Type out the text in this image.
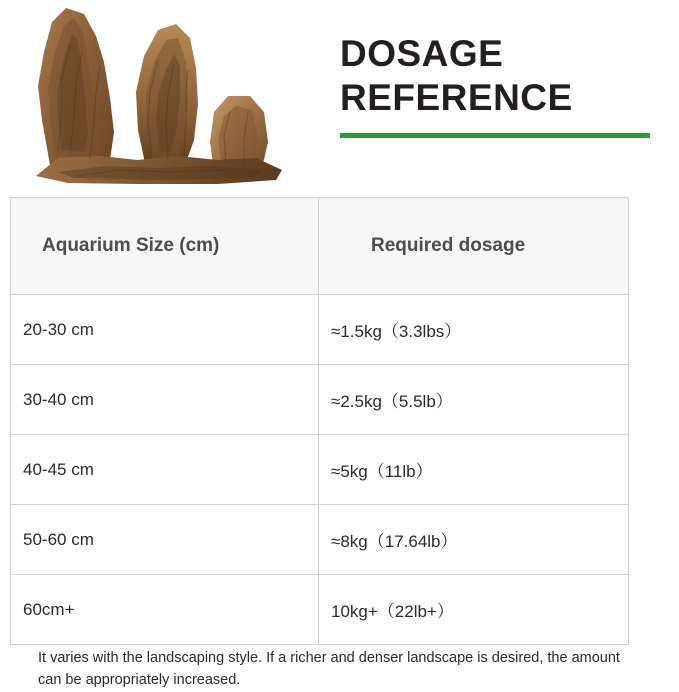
DOSAGE
REFERENCE
Aquarium Size (cm)	Required dosage
20-30 cm	≈1.5kg（3.3lbs）
30-40 cm	≈2.5kg（5.5lb）
40-45 cm	≈5kg（11lb）
50-60 cm	≈8kg（17.64lb）
60cm+	10kg+（22lb+）
It varies with the landscaping style. If a richer and denser landscape is desired, the amount can be appropriately increased.
